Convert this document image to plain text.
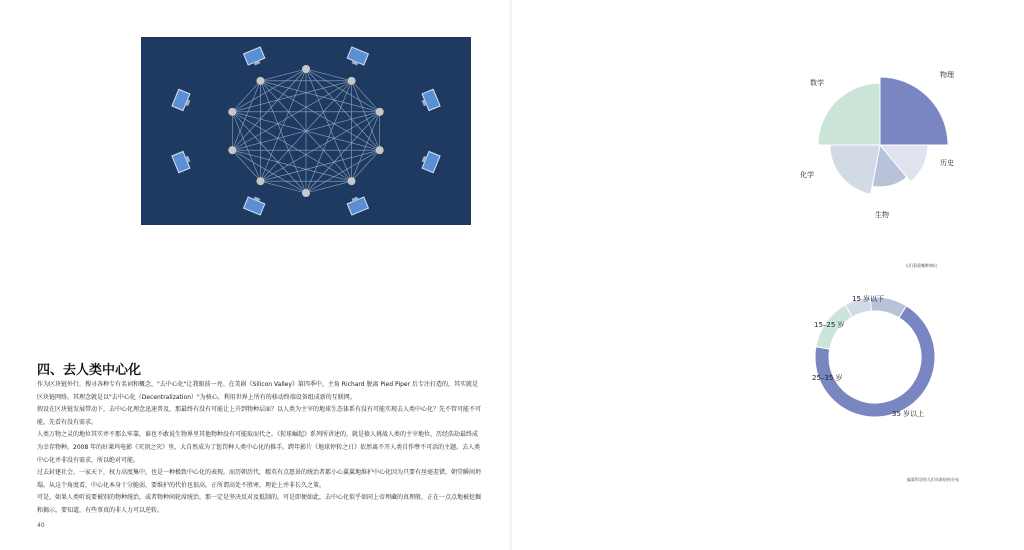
四、去人类中心化

作为区块链外行，搜寻各种专有名词和概念，"去中心化"让我眼前一亮。在美剧《Silicon Valley》第四季中，主角 Richard 脱离 Pied Piper 后专注打造的，其实就是区块链网络。其理念就是以"去中心化（Decentralization）"为核心，利用世界上所有的移动终端设备组成新的互联网。

假设在区块链发展带动下，去中心化理念迅速普及，那最终有没有可能让上升到物种层面？以人类为主宰的地球生态体系有没有可能实现去人类中心化？先不管可能不可能，先看有没有需求。

人类万物之灵的地位其实并不那么牢靠，谁也不敢说生物界里其他物种没有可能取而代之。《猩球崛起》系列所讲述的，就是猿人挑战人类的主宰地位，历经浩劫最终成为幸存物种。2008 年的好莱坞电影《灾顶之灾》里，大自然成为了惩罚种人类中心化的推手。跨年影片《地球停转之日》依然离不开人类自作孽不可活的主题。去人类中心化并非没有需求，所以绝对可能。

过去封建社会，一家天下，权力高度集中，也是一种极致中心化的表现。而历朝历代，精英有点愿景的统治者都小心翼翼地维护中心化因为只要有丝毫差错，朝堂瞬间坍塌。从这个角度看，中心化本身十分脆弱，要维护的代价也很高。正所谓高处不胜寒，理论上并非长久之策。

可是，如果人类听说要被别的物种统治，或者物种间轮席统治，那一定是坚决反对及抵制的。可是即便如此，去中心化似乎如同上帝埋藏的真理般，正在一点点地被挖掘和揭示。要知道，有些事真的非人力可以逆转。

40

物理
历史
生物
化学
数学
人们看重哪种知识
35 岁以上
25–35 岁
15–25 岁
15 岁以下
偏爱科学的人们年龄结构分布
